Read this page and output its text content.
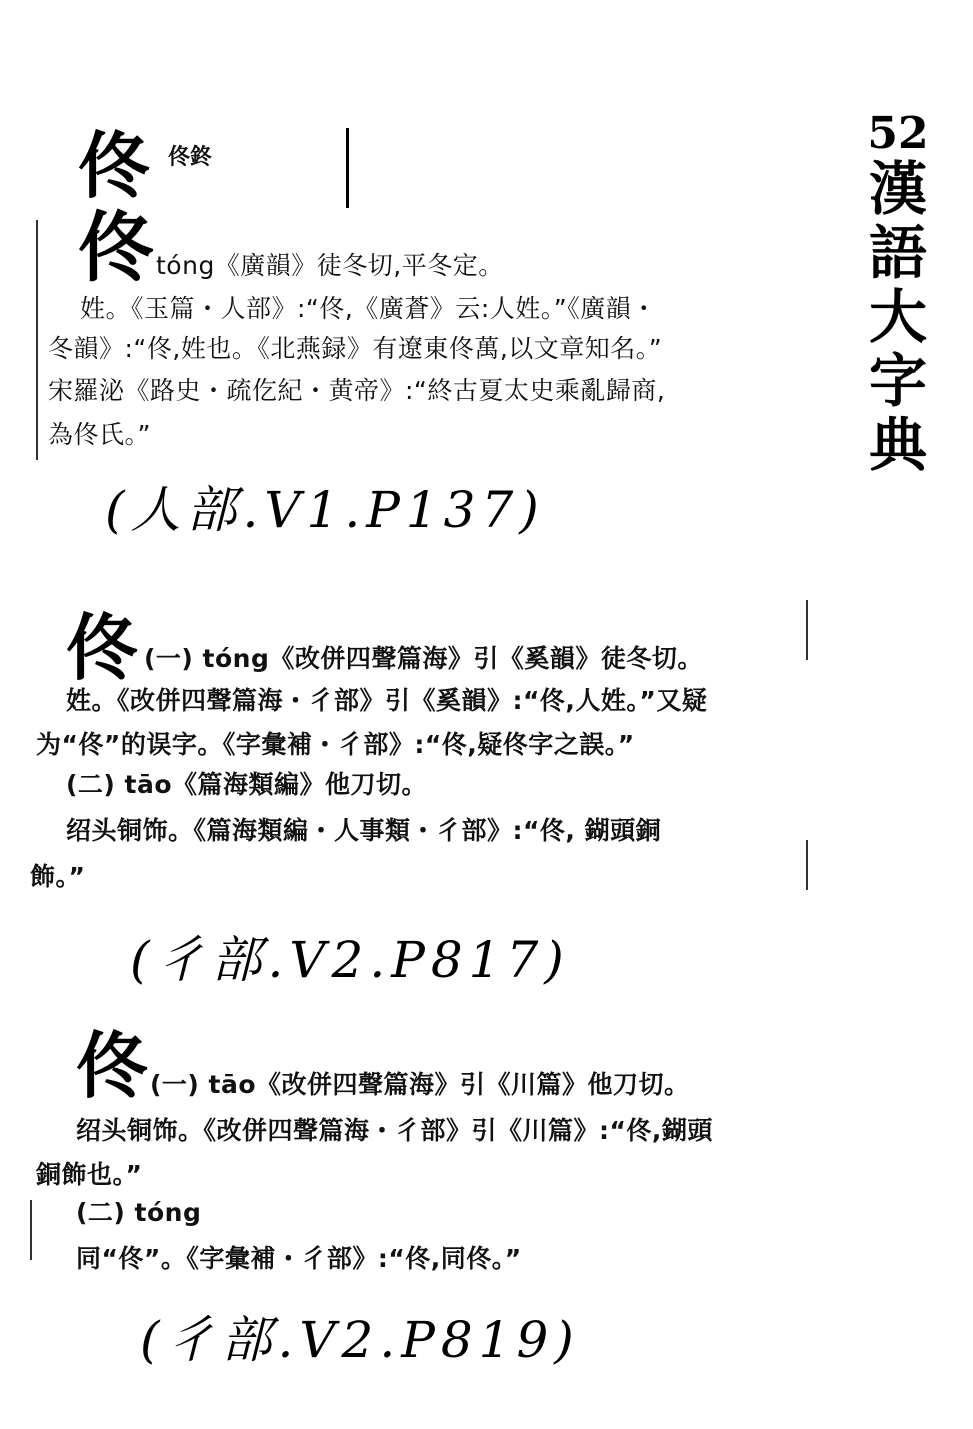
52
漢
語
大
字
典
佟 佟鉖
佟 tóng《廣韻》徒冬切,平冬定。
姓。《玉篇・人部》:“佟,《廣蒼》云:人姓。”《廣韻・
冬韻》:“佟,姓也。《北燕録》有遼東佟萬,以文章知名。”
宋羅泌《路史・疏仡紀・黄帝》:“終古夏太史乘亂歸商,
為佟氏。”
(人部.V1.P137)
佟 (一) tóng《改併四聲篇海》引《奚韻》徒冬切。
姓。《改併四聲篇海・彳部》引《奚韻》:“佟,人姓。”又疑
为“佟”的误字。《字彙補・彳部》:“佟,疑佟字之誤。”
(二) tāo《篇海類編》他刀切。
绍头铜饰。《篇海類編・人事類・彳部》:“佟, 鍸頭銅
飾。”
(彳部.V2.P817)
佟 (一) tāo《改併四聲篇海》引《川篇》他刀切。
绍头铜饰。《改併四聲篇海・彳部》引《川篇》:“佟,鍸頭
銅飾也。”
(二) tóng
同“佟”。《字彙補・彳部》:“佟,同佟。”
(彳部.V2.P819)
